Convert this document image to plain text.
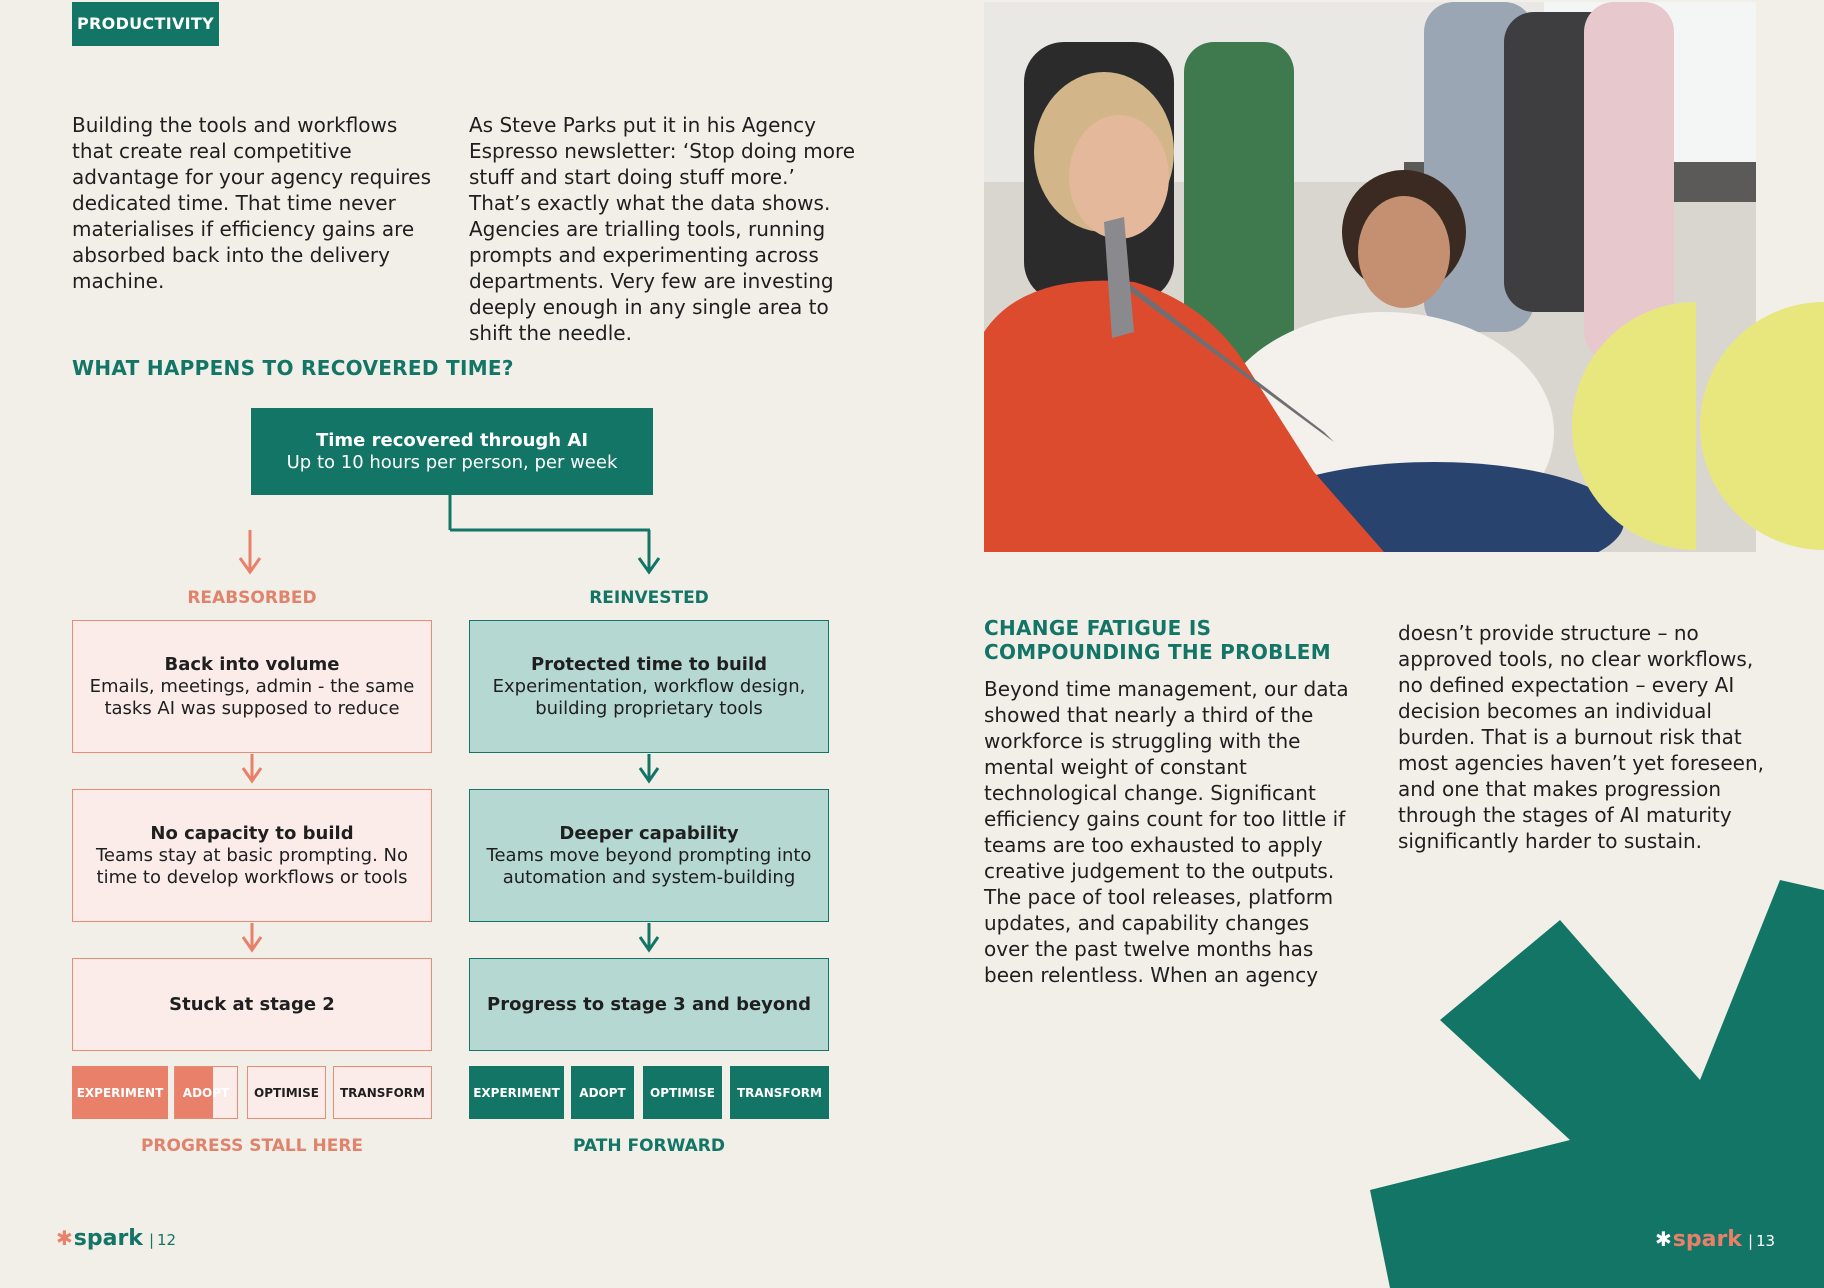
PRODUCTIVITY
Building the tools and workflows that create real competitive advantage for your agency requires dedicated time. That time never materialises if efficiency gains are absorbed back into the delivery machine.
As Steve Parks put it in his Agency Espresso newsletter: ‘Stop doing more stuff and start doing stuff more.’ That’s exactly what the data shows. Agencies are trialling tools, running prompts and experimenting across departments. Very few are investing deeply enough in any single area to shift the needle.
WHAT HAPPENS TO RECOVERED TIME?
Time recovered through AI
Up to 10 hours per person, per week
REABSORBED	REINVESTED
Back into volume
Emails, meetings, admin - the same tasks AI was supposed to reduce
No capacity to build
Teams stay at basic prompting. No time to develop workflows or tools
Stuck at stage 2
Protected time to build
Experimentation, workflow design, building proprietary tools
Deeper capability
Teams move beyond prompting into automation and system-building
Progress to stage 3 and beyond
EXPERIMENT	ADOPT	OPTIMISE	TRANSFORM	EXPERIMENT	ADOPT	OPTIMISE	TRANSFORM
PROGRESS STALL HERE	PATH FORWARD
CHANGE FATIGUE IS COMPOUNDING THE PROBLEM
Beyond time management, our data showed that nearly a third of the workforce is struggling with the mental weight of constant technological change. Significant efficiency gains count for too little if teams are too exhausted to apply creative judgement to the outputs. The pace of tool releases, platform updates, and capability changes over the past twelve months has been relentless. When an agency
doesn’t provide structure – no approved tools, no clear workflows, no defined expectation – every AI decision becomes an individual burden. That is a burnout risk that most agencies haven’t yet foreseen, and one that makes progression through the stages of AI maturity significantly harder to sustain.
✱ spark | 12	✱ spark | 13
